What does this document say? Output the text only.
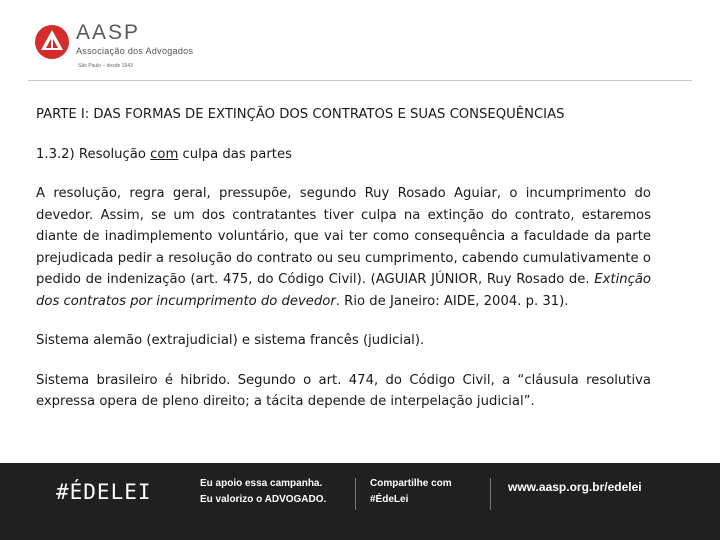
AASP
Associação dos Advogados
São Paulo – desde 1943
PARTE I: DAS FORMAS DE EXTINÇÃO DOS CONTRATOS E SUAS CONSEQUÊNCIAS
1.3.2) Resolução com culpa das partes

A resolução, regra geral, pressupõe, segundo Ruy Rosado Aguiar, o incumprimento do devedor. Assim, se um dos contratantes tiver culpa na extinção do contrato, estaremos diante de inadimplemento voluntário, que vai ter como consequência a faculdade da parte prejudicada pedir a resolução do contrato ou seu cumprimento, cabendo cumulativamente o pedido de indenização (art. 475, do Código Civil). (AGUIAR JÚNIOR, Ruy Rosado de. Extinção dos contratos por incumprimento do devedor. Rio de Janeiro: AIDE, 2004. p. 31).

Sistema alemão (extrajudicial) e sistema francês (judicial).

Sistema brasileiro é hibrido. Segundo o art. 474, do Código Civil, a “cláusula resolutiva expressa opera de pleno direito; a tácita depende de interpelação judicial”.

#ÉDELEI	Eu apoio essa campanha.
Eu valorizo o ADVOGADO.
Compartilhe com
#ÉdeLei
www.aasp.org.br/edelei
